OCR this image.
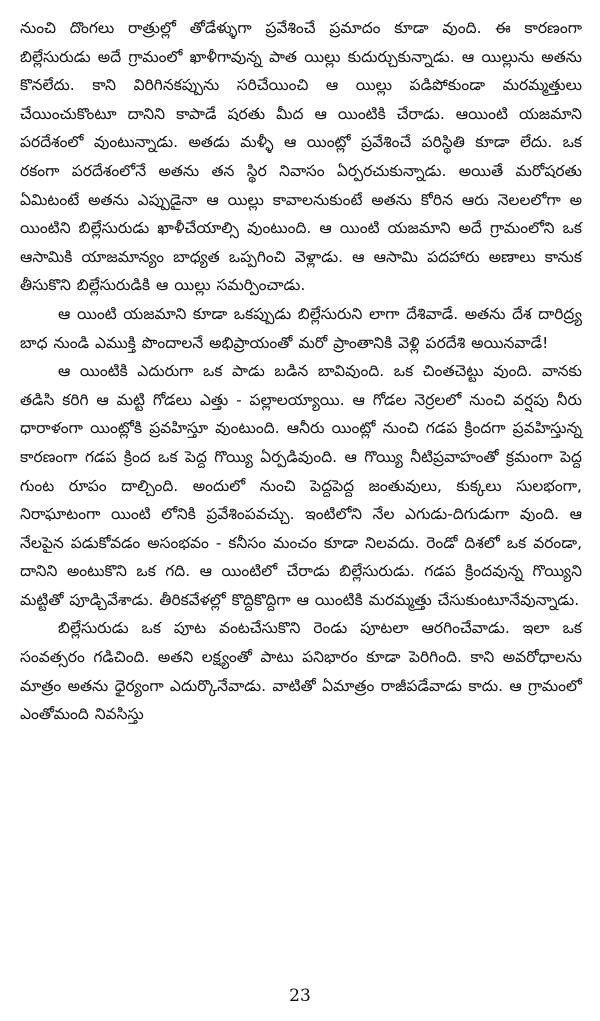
నుంచి దొంగలు రాత్రుల్లో తోడేళ్ళుగా ప్రవేశించే ప్రమాదం కూడా వుంది. ఈ కారణంగా బిల్లేసురుడు అదే గ్రామంలో ఖాళీగావున్న పాత యిల్లు కుదుర్చుకున్నాడు. ఆ యిల్లును అతను కొనలేదు. కాని విరిగినకప్పును సరిచేయించి ఆ యిల్లు పడిపోకుండా మరమ్మత్తులు చేయించుకొంటూ దానిని కాపాడే షరతు మీద ఆ యింటికి చేరాడు. ఆయింటి యజమాని పరదేశంలో వుంటున్నాడు. అతడు మళ్ళీ ఆ యింట్లో ప్రవేశించే పరిస్థితి కూడా లేదు. ఒక రకంగా పరదేశంలోనే అతను తన స్థిర నివాసం ఏర్పరచుకున్నాడు. అయితే మరోషరతు ఏమిటంటే అతను ఎప్పుడైనా ఆ యిల్లు కావాలనుకుంటే అతను కోరిన ఆరు నెలలలోగా అ యింటిని బిల్లేసురుడు ఖాళీచేయాల్సి వుంటుంది. ఆ యింటి యజమాని అదే గ్రామంలోని ఒక ఆసామికి యాజమాన్యం బాధ్యత ఒప్పగించి వెళ్లాడు. ఆ ఆసామి పదహారు అణాలు కానుక తీసుకొని బిల్లేసురుడికి ఆ యిల్లు సమర్పించాడు.

ఆ యింటి యజమాని కూడా ఒకప్పుడు బిల్లేసురుని లాగా దేశివాడే. అతను దేశ దారిద్ర్య బాధ నుండి ఎముక్తి పొందాలనే అభిప్రాయంతో మరో ప్రాంతానికి వెళ్లి పరదేశి అయినవాడే!

ఆ యింటికి ఎదురుగా ఒక పాడు బడిన బావివుంది. ఒక చింతచెట్టు వుంది. వానకు తడిసి కరిగి ఆ మట్టి గోడలు ఎత్తు - పల్లాలయ్యాయి. ఆ గోడల నెర్రలలో నుంచి వర్షపు నీరు ధారాళంగా యింట్లోకి ప్రవహిస్తూ వుంటుంది. ఆనీరు యింట్లో నుంచి గడప క్రిందగా ప్రవహిస్తున్న కారణంగా గడప క్రింద ఒక పెద్ద గొయ్యి ఏర్పడివుంది. ఆ గొయ్యి నీటిప్రవాహంతో క్రమంగా పెద్ద గుంట రూపం దాల్చింది. అందులో నుంచి పెద్దపెద్ద జంతువులు, కుక్కలు సులభంగా, నిరాఘాటంగా యింటి లోనికి ప్రవేశింపవచ్చు. ఇంటిలోని నేల ఎగుడు-దిగుడుగా వుంది. ఆ నేలపైన పడుకోవడం అసంభవం - కనీసం మంచం కూడా నిలవదు. రెండో దిశలో ఒక వరండా, దానిని అంటుకొని ఒక గది. ఆ యింటిలో చేరాడు బిల్లేసురుడు. గడప క్రిందవున్న గొయ్యిని మట్టితో పూడ్చివేశాడు. తీరికవేళల్లో కొద్దికొద్దిగా ఆ యింటికి మరమ్మత్తు చేసుకుంటూనేవున్నాడు.

బిల్లేసురుడు ఒక పూట వంటచేసుకొని రెండు పూటలా ఆరగించేవాడు. ఇలా ఒక సంవత్సరం గడిచింది. అతని లక్ష్యంతో పాటు పనిభారం కూడా పెరిగింది. కాని అవరోధాలను మాత్రం అతను ధైర్యంగా ఎదుర్కొనేవాడు. వాటితో ఏమాత్రం రాజీపడేవాడు కాదు. ఆ గ్రామంలో ఎంతోమంది నివసిస్తు

23
